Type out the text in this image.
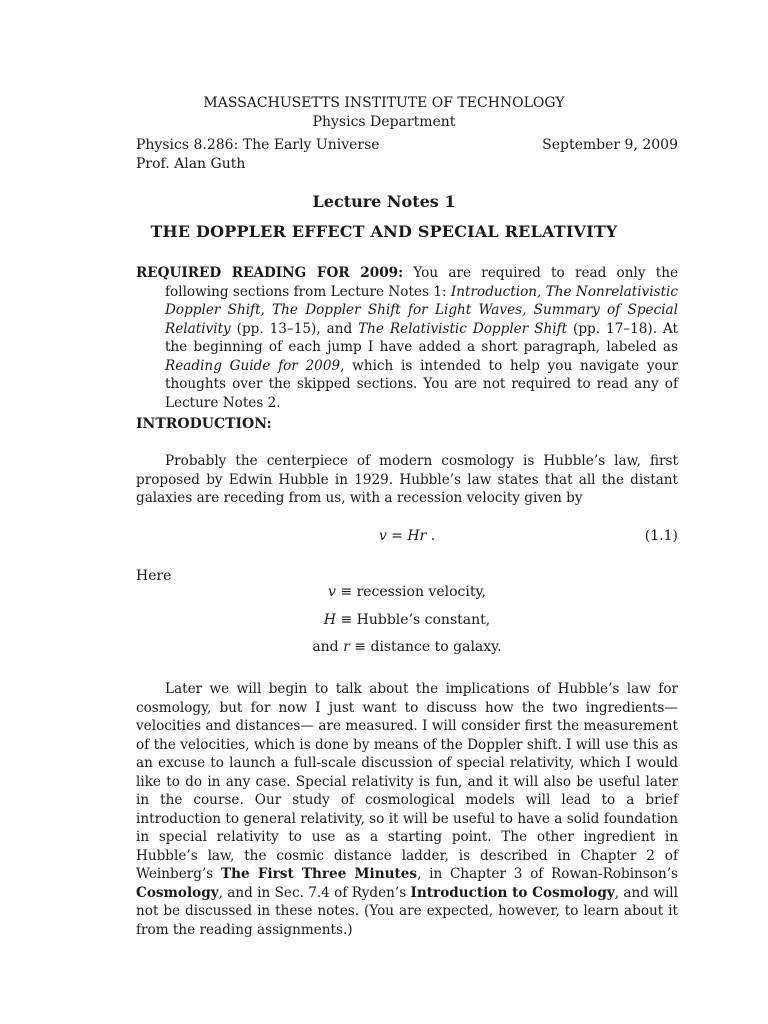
MASSACHUSETTS INSTITUTE OF TECHNOLOGY
Physics Department
Physics 8.286: The Early Universe	September 9, 2009
Prof. Alan Guth
Lecture Notes 1
THE DOPPLER EFFECT AND SPECIAL RELATIVITY

REQUIRED READING FOR 2009: You are required to read only the following sections from Lecture Notes 1: Introduction, The Nonrelativistic Doppler Shift, The Doppler Shift for Light Waves, Summary of Special Relativity (pp. 13–15), and The Relativistic Doppler Shift (pp. 17–18). At the beginning of each jump I have added a short paragraph, labeled as Reading Guide for 2009, which is intended to help you navigate your thoughts over the skipped sections. You are not required to read any of Lecture Notes 2.

INTRODUCTION:

Probably the centerpiece of modern cosmology is Hubble’s law, first proposed by Edwin Hubble in 1929. Hubble’s law states that all the distant galaxies are receding from us, with a recession velocity given by

v = Hr .	(1.1)
Here
v ≡ recession velocity,
H ≡ Hubble’s constant,
and r ≡ distance to galaxy.

Later we will begin to talk about the implications of Hubble’s law for cosmology, but for now I just want to discuss how the two ingredients— velocities and distances— are measured. I will consider first the measurement of the velocities, which is done by means of the Doppler shift. I will use this as an excuse to launch a full-scale discussion of special relativity, which I would like to do in any case. Special relativity is fun, and it will also be useful later in the course. Our study of cosmological models will lead to a brief introduction to general relativity, so it will be useful to have a solid foundation in special relativity to use as a starting point. The other ingredient in Hubble’s law, the cosmic distance ladder, is described in Chapter 2 of Weinberg’s The First Three Minutes, in Chapter 3 of Rowan-Robinson’s Cosmology, and in Sec. 7.4 of Ryden’s Introduction to Cosmology, and will not be discussed in these notes. (You are expected, however, to learn about it from the reading assignments.)
